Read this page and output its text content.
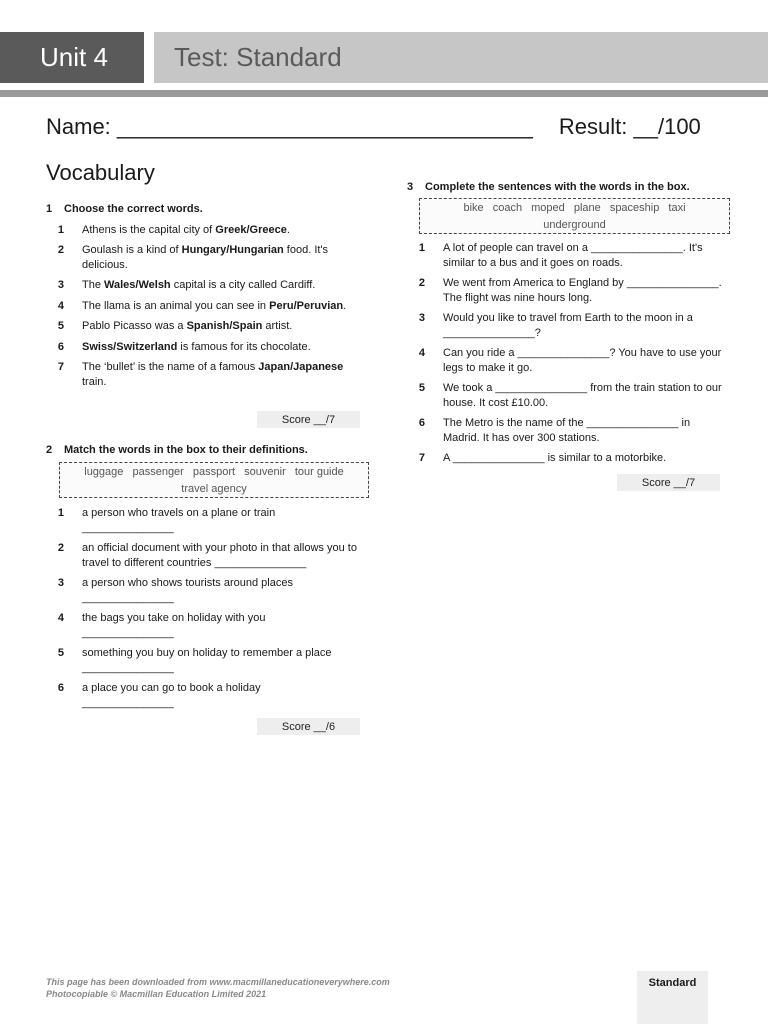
Unit 4	Test: Standard
Name: __________________________________ Result: __/100
Vocabulary
1	Choose the correct words.
1	Athens is the capital city of Greek/Greece.
2	Goulash is a kind of Hungary/Hungarian food. It's delicious.
3	The Wales/Welsh capital is a city called Cardiff.
4	The llama is an animal you can see in Peru/Peruvian.
5	Pablo Picasso was a Spanish/Spain artist.
6	Swiss/Switzerland is famous for its chocolate.
7	The ‘bullet’ is the name of a famous Japan/Japanese train.
Score __/7
2	Match the words in the box to their definitions.
luggage passenger passport souvenir tour guide
travel agency
1	a person who travels on a plane or train
_______________
2	an official document with your photo in that allows you to travel to different countries _______________
3	a person who shows tourists around places
_______________
4	the bags you take on holiday with you
_______________
5	something you buy on holiday to remember a place
_______________
6	a place you can go to book a holiday
_______________
Score __/6
3	Complete the sentences with the words in the box.
bike coach moped plane spaceship taxi
underground
1	A lot of people can travel on a _______________. It's similar to a bus and it goes on roads.
2	We went from America to England by _______________. The flight was nine hours long.
3	Would you like to travel from Earth to the moon in a _______________?
4	Can you ride a _______________? You have to use your legs to make it go.
5	We took a _______________ from the train station to our house. It cost £10.00.
6	The Metro is the name of the _______________ in Madrid. It has over 300 stations.
7	A _______________ is similar to a motorbike.
Score __/7
This page has been downloaded from www.macmillaneducationeverywhere.com
Photocopiable © Macmillan Education Limited 2021
Standard
